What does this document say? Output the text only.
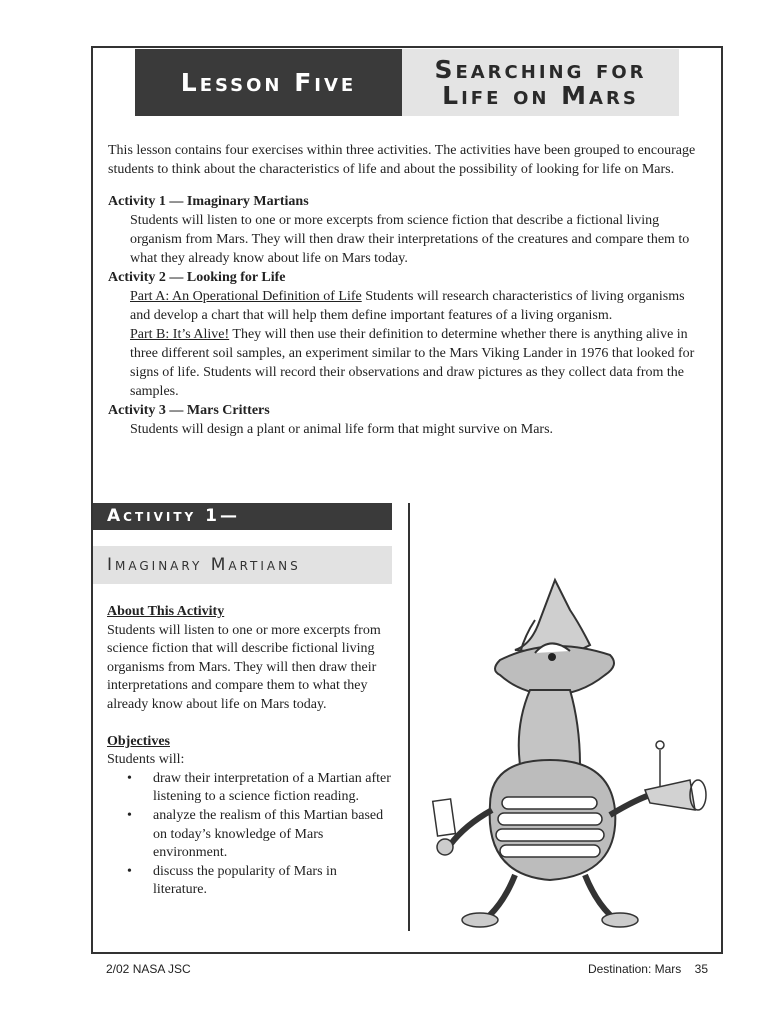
Lesson Five	Searching for
Life on Mars

This lesson contains four exercises within three activities. The activities have been grouped to encourage students to think about the characteristics of life and about the possibility of looking for life on Mars.

Activity 1 — Imaginary Martians
Students will listen to one or more excerpts from science fiction that describe a fictional living organism from Mars. They will then draw their interpretations of the creatures and compare them to what they already know about life on Mars today.
Activity 2 — Looking for Life
Part A: An Operational Definition of Life Students will research characteristics of living organisms and develop a chart that will help them define important features of a living organism.
Part B: It’s Alive! They will then use their definition to determine whether there is anything alive in three different soil samples, an experiment similar to the Mars Viking Lander in 1976 that looked for signs of life. Students will record their observations and draw pictures as they collect data from the samples.
Activity 3 — Mars Critters
Students will design a plant or animal life form that might survive on Mars.
Activity 1—
Imaginary Martians
About This Activity

Students will listen to one or more excerpts from science fiction that will describe fictional living organisms from Mars. They will then draw their interpretations and compare them to what they already know about life on Mars today.

Objectives
Students will:
• draw their interpretation of a Martian after listening to a science fiction reading.
• analyze the realism of this Martian based on today’s knowledge of Mars environment.
• discuss the popularity of Mars in literature.
2/02 NASA JSC	Destination: Mars    35
